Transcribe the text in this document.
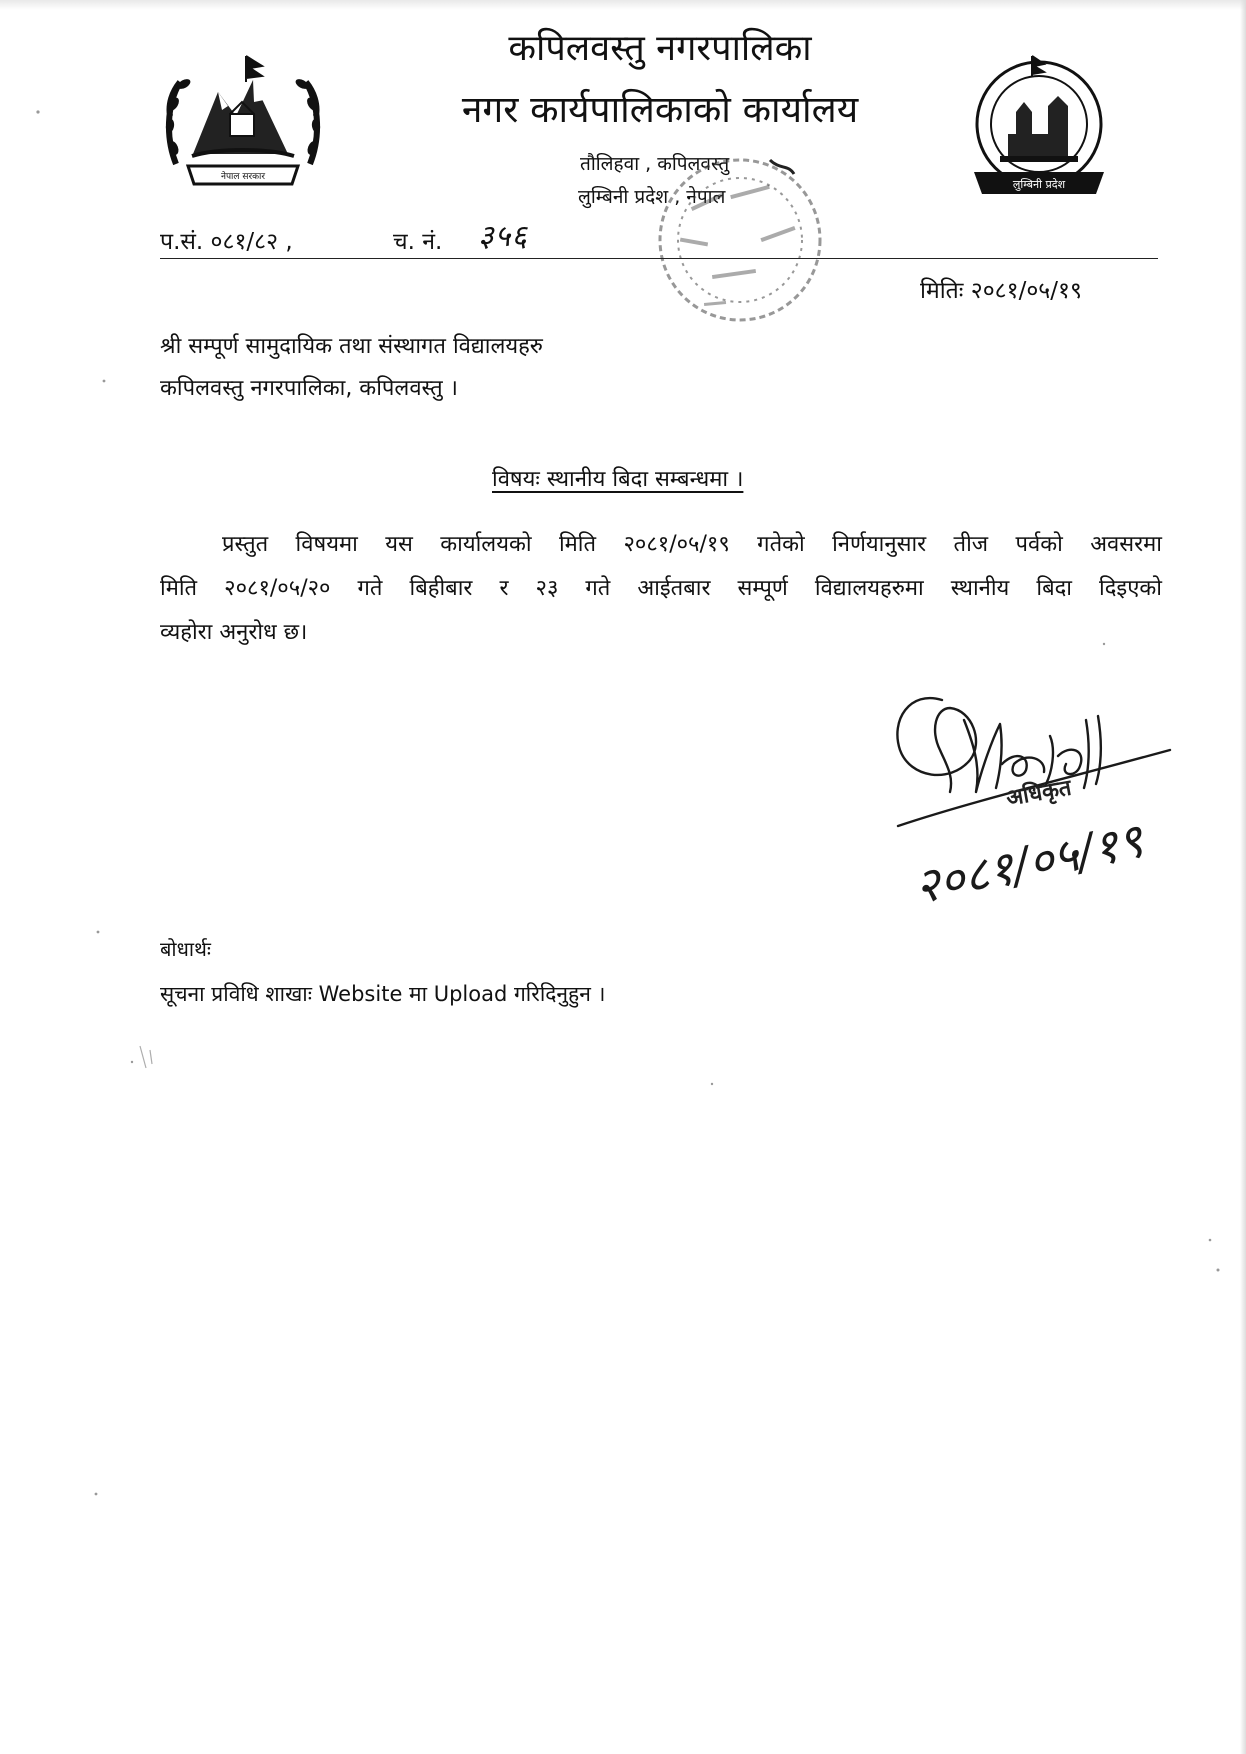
नेपाल सरकार
लुम्बिनी प्रदेश
कपिलवस्तु नगरपालिका
नगर कार्यपालिकाको कार्यालय
तौलिहवा , कपिलवस्तु
लुम्बिनी प्रदेश , नेपाल
प.सं. ०८१/८२ ,	च. नं. ३५६
मितिः २०८१/०५/१९
श्री सम्पूर्ण सामुदायिक तथा संस्थागत विद्यालयहरु
कपिलवस्तु नगरपालिका, कपिलवस्तु ।
विषयः स्थानीय बिदा सम्बन्धमा ।
प्रस्तुत विषयमा यस कार्यालयको मिति २०८१/०५/१९ गतेको निर्णयानुसार तीज पर्वको अवसरमा
मिति २०८१/०५/२० गते बिहीबार र २३ गते आईतबार सम्पूर्ण विद्यालयहरुमा स्थानीय बिदा दिइएको
व्यहोरा अनुरोध छ।
अधिकृत
२०८१/०५/१९
बोधार्थः
सूचना प्रविधि शाखाः Website मा Upload गरिदिनुहुन ।
